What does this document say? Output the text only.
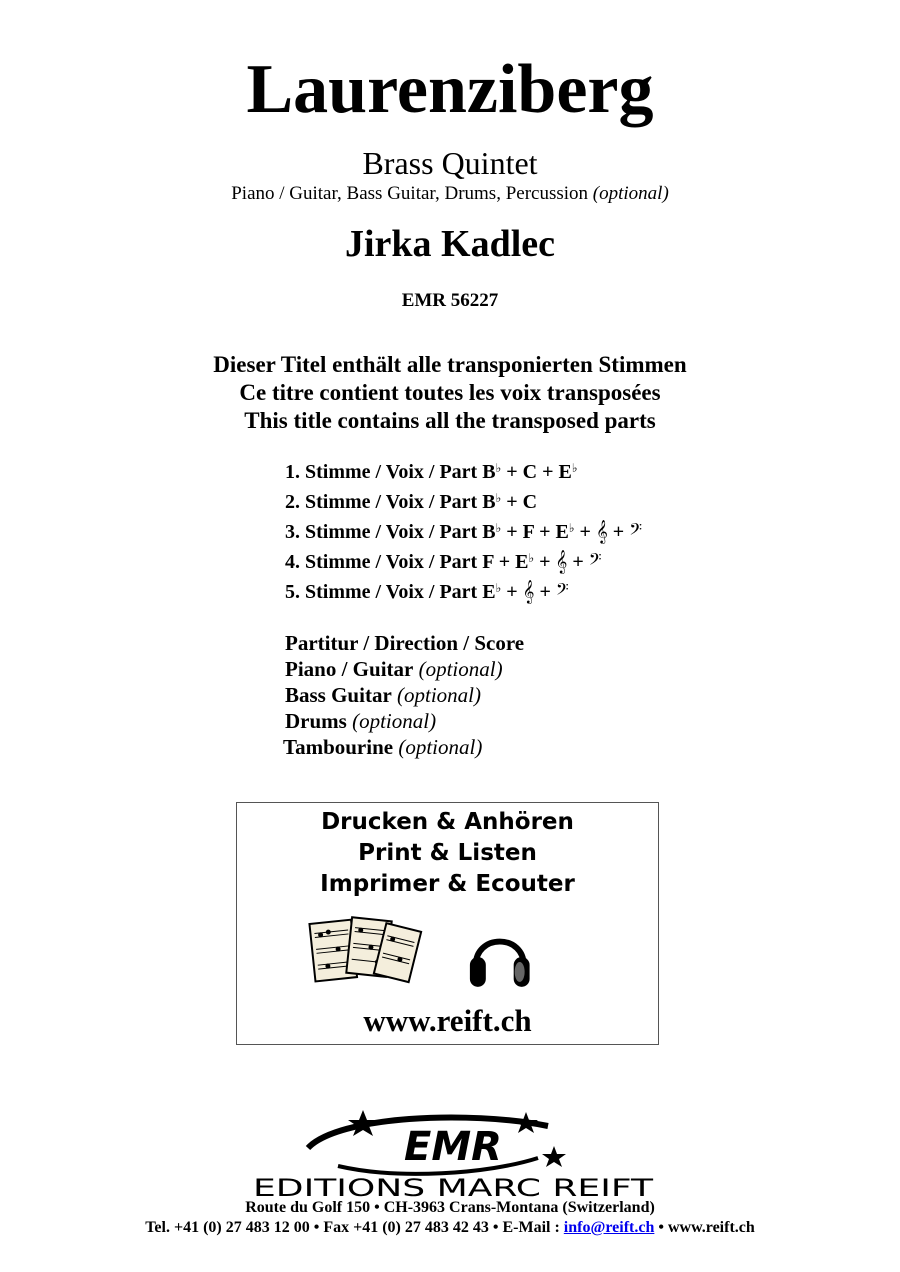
Laurenziberg
Brass Quintet
Piano / Guitar, Bass Guitar, Drums, Percussion (optional)
Jirka Kadlec
EMR 56227
Dieser Titel enthält alle transponierten Stimmen
Ce titre contient toutes les voix transposées
This title contains all the transposed parts
1. Stimme / Voix / Part B♭ + C + E♭
2. Stimme / Voix / Part B♭ + C
3. Stimme / Voix / Part B♭ + F + E♭ + 𝄞 + 𝄢
4. Stimme / Voix / Part F + E♭ + 𝄞 + 𝄢
5. Stimme / Voix / Part E♭ + 𝄞 + 𝄢
Partitur / Direction / Score
Piano / Guitar (optional)
Bass Guitar (optional)
Drums (optional)
Tambourine (optional)
Drucken & Anhören
Print & Listen
Imprimer & Ecouter
www.reift.ch
EMR
EDITIONS MARC REIFT
Route du Golf 150 • CH-3963 Crans-Montana (Switzerland)
Tel. +41 (0) 27 483 12 00 • Fax +41 (0) 27 483 42 43 • E-Mail : info@reift.ch • www.reift.ch
